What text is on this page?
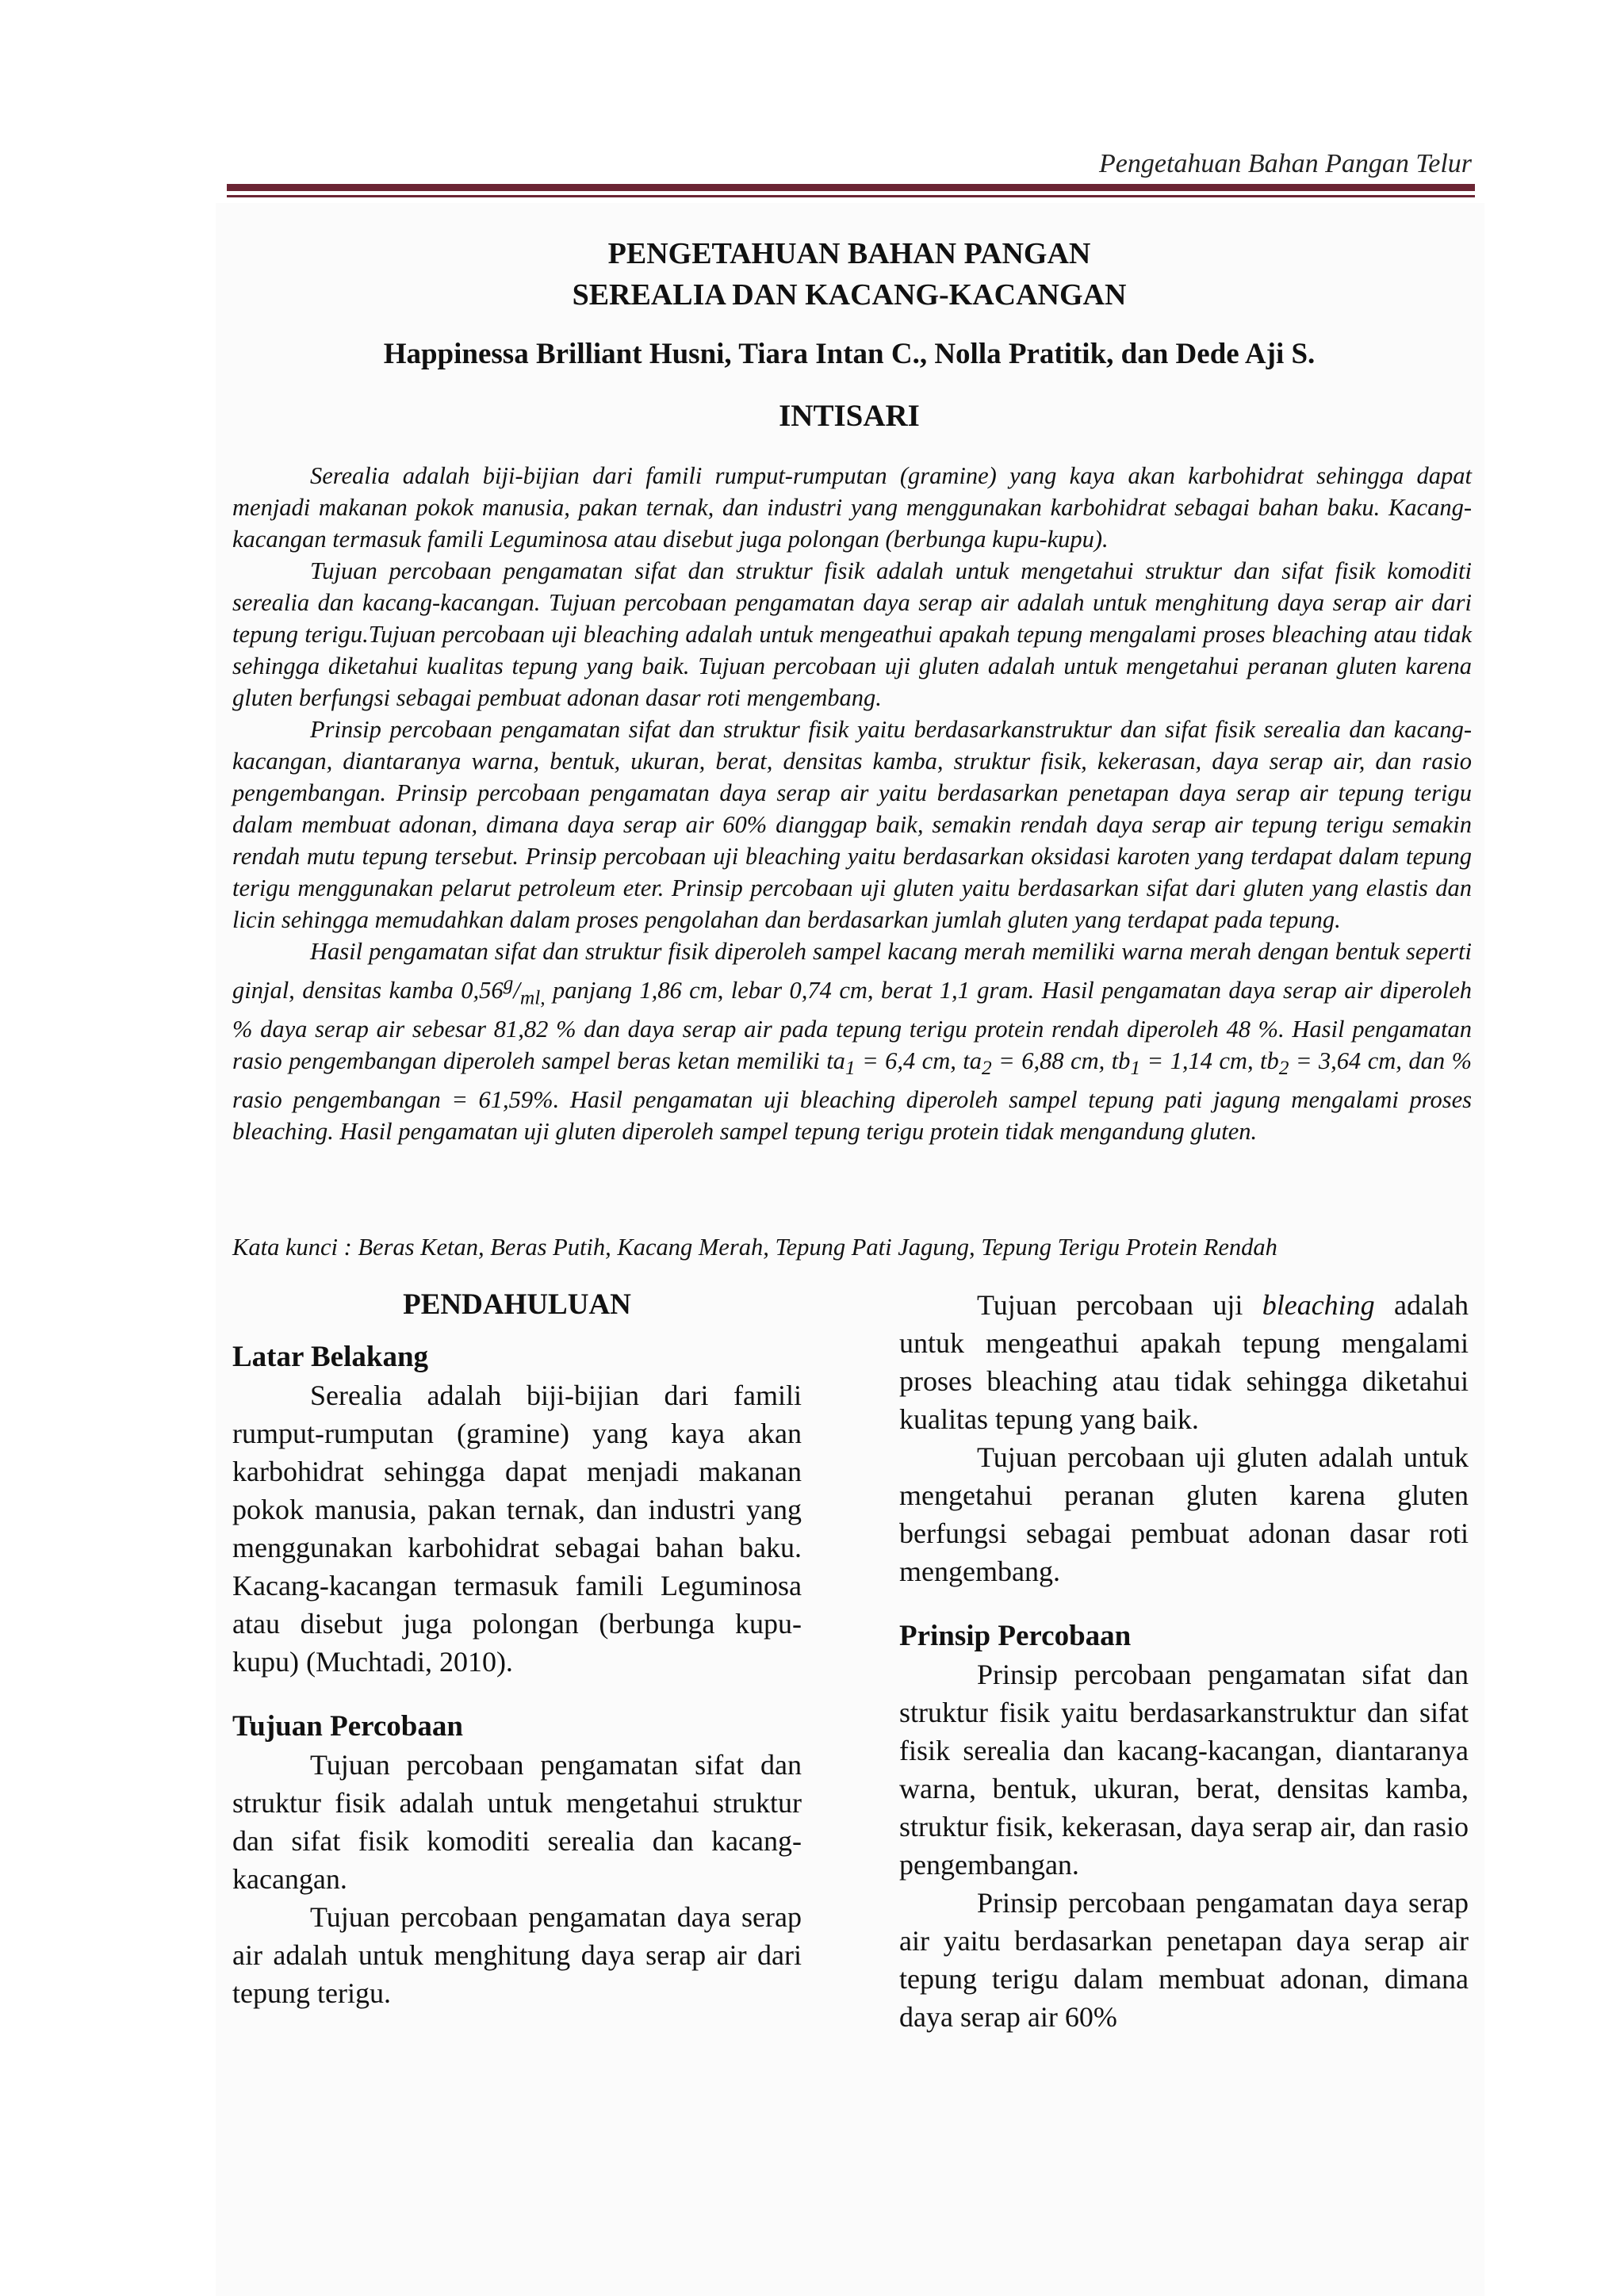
Pengetahuan Bahan Pangan Telur
PENGETAHUAN BAHAN PANGAN
SEREALIA DAN KACANG-KACANGAN
Happinessa Brilliant Husni, Tiara Intan C., Nolla Pratitik, dan Dede Aji S.
INTISARI

Serealia adalah biji-bijian dari famili rumput-rumputan (gramine) yang kaya akan karbohidrat sehingga dapat menjadi makanan pokok manusia, pakan ternak, dan industri yang menggunakan karbohidrat sebagai bahan baku. Kacang-kacangan termasuk famili Leguminosa atau disebut juga polongan (berbunga kupu-kupu).

Tujuan percobaan pengamatan sifat dan struktur fisik adalah untuk mengetahui struktur dan sifat fisik komoditi serealia dan kacang-kacangan. Tujuan percobaan pengamatan daya serap air adalah untuk menghitung daya serap air dari tepung terigu.Tujuan percobaan uji bleaching adalah untuk mengeathui apakah tepung mengalami proses bleaching atau tidak sehingga diketahui kualitas tepung yang baik. Tujuan percobaan uji gluten adalah untuk mengetahui peranan gluten karena gluten berfungsi sebagai pembuat adonan dasar roti mengembang.

Prinsip percobaan pengamatan sifat dan struktur fisik yaitu berdasarkanstruktur dan sifat fisik serealia dan kacang-kacangan, diantaranya warna, bentuk, ukuran, berat, densitas kamba, struktur fisik, kekerasan, daya serap air, dan rasio pengembangan. Prinsip percobaan pengamatan daya serap air yaitu berdasarkan penetapan daya serap air tepung terigu dalam membuat adonan, dimana daya serap air 60% dianggap baik, semakin rendah daya serap air tepung terigu semakin rendah mutu tepung tersebut. Prinsip percobaan uji bleaching yaitu berdasarkan oksidasi karoten yang terdapat dalam tepung terigu menggunakan pelarut petroleum eter. Prinsip percobaan uji gluten yaitu berdasarkan sifat dari gluten yang elastis dan licin sehingga memudahkan dalam proses pengolahan dan berdasarkan jumlah gluten yang terdapat pada tepung.

Hasil pengamatan sifat dan struktur fisik diperoleh sampel kacang merah memiliki warna merah dengan bentuk seperti ginjal, densitas kamba $0,56^g/_{ml,}$ panjang 1,86 cm, lebar 0,74 cm, berat 1,1 gram. Hasil pengamatan daya serap air diperoleh % daya serap air sebesar 81,82 % dan daya serap air pada tepung terigu protein rendah diperoleh 48 %. Hasil pengamatan rasio pengembangan diperoleh sampel beras ketan memiliki $ta_1 = 6,4$ cm, $ta_2 = 6,88$ cm, $tb_1 = 1,14$ cm, $tb_2 = 3,64$ cm, dan % rasio pengembangan = 61,59%. Hasil pengamatan uji bleaching diperoleh sampel tepung pati jagung mengalami proses bleaching. Hasil pengamatan uji gluten diperoleh sampel tepung terigu protein tidak mengandung gluten.

Kata kunci : Beras Ketan, Beras Putih, Kacang Merah, Tepung Pati Jagung, Tepung Terigu Protein Rendah
PENDAHULUAN
Latar Belakang

Serealia adalah biji-bijian dari famili rumput-rumputan (gramine) yang kaya akan karbohidrat sehingga dapat menjadi makanan pokok manusia, pakan ternak, dan industri yang menggunakan karbohidrat sebagai bahan baku. Kacang-kacangan termasuk famili Leguminosa atau disebut juga polongan (berbunga kupu-kupu) (Muchtadi, 2010).

Tujuan Percobaan

Tujuan percobaan pengamatan sifat dan struktur fisik adalah untuk mengetahui struktur dan sifat fisik komoditi serealia dan kacang-kacangan.

Tujuan percobaan pengamatan daya serap air adalah untuk menghitung daya serap air dari tepung terigu.

Tujuan percobaan uji bleaching adalah untuk mengeathui apakah tepung mengalami proses bleaching atau tidak sehingga diketahui kualitas tepung yang baik.

Tujuan percobaan uji gluten adalah untuk mengetahui peranan gluten karena gluten berfungsi sebagai pembuat adonan dasar roti mengembang.

Prinsip Percobaan

Prinsip percobaan pengamatan sifat dan struktur fisik yaitu berdasarkanstruktur dan sifat fisik serealia dan kacang-kacangan, diantaranya warna, bentuk, ukuran, berat, densitas kamba, struktur fisik, kekerasan, daya serap air, dan rasio pengembangan.

Prinsip percobaan pengamatan daya serap air yaitu berdasarkan penetapan daya serap air tepung terigu dalam membuat adonan, dimana daya serap air 60%
